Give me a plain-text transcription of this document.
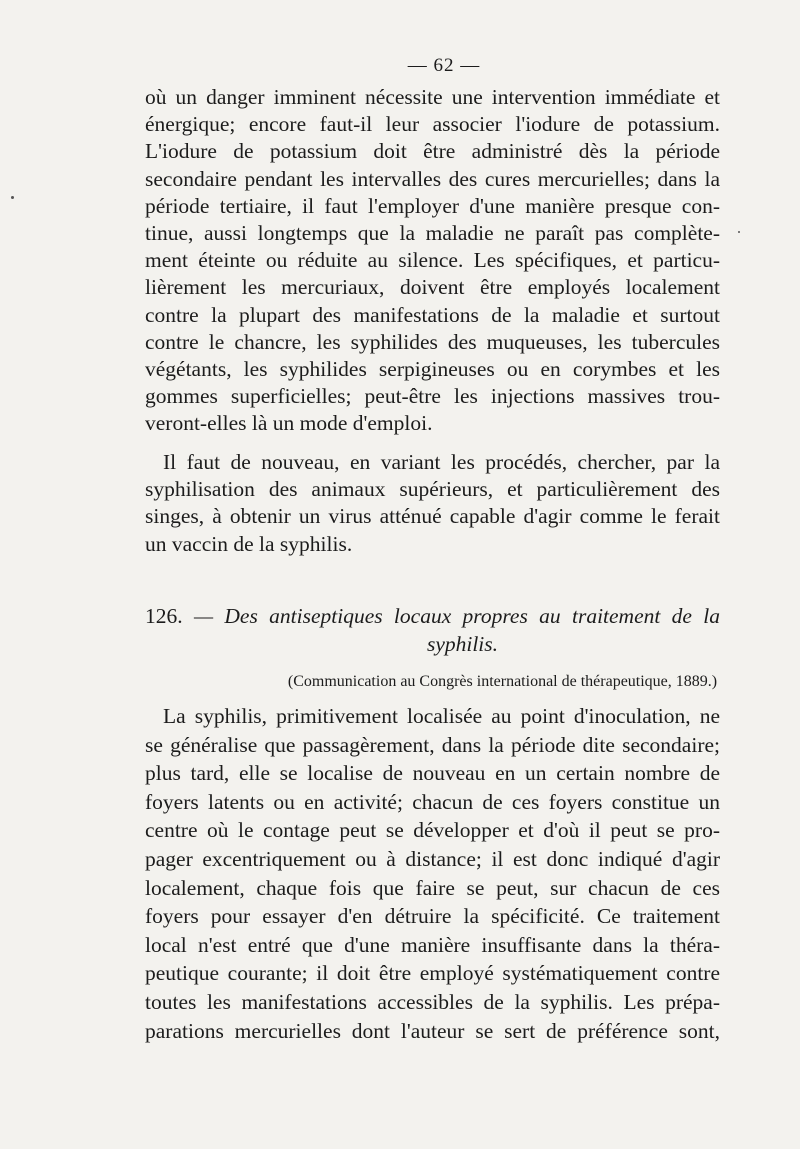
— 62 —
où un danger imminent nécessite une intervention immédiate et
énergique; encore faut-il leur associer l'iodure de potassium.
L'iodure de potassium doit être administré dès la période
secondaire pendant les intervalles des cures mercurielles; dans la
période tertiaire, il faut l'employer d'une manière presque con-
tinue, aussi longtemps que la maladie ne paraît pas complète-
ment éteinte ou réduite au silence. Les spécifiques, et particu-
lièrement les mercuriaux, doivent être employés localement
contre la plupart des manifestations de la maladie et surtout
contre le chancre, les syphilides des muqueuses, les tubercules
végétants, les syphilides serpigineuses ou en corymbes et les
gommes superficielles; peut-être les injections massives trou-
veront-elles là un mode d'emploi.
Il faut de nouveau, en variant les procédés, chercher, par la
syphilisation des animaux supérieurs, et particulièrement des
singes, à obtenir un virus atténué capable d'agir comme le ferait
un vaccin de la syphilis.
126. — Des antiseptiques locaux propres au traitement de la
syphilis.
(Communication au Congrès international de thérapeutique, 1889.)
La syphilis, primitivement localisée au point d'inoculation, ne
se généralise que passagèrement, dans la période dite secondaire;
plus tard, elle se localise de nouveau en un certain nombre de
foyers latents ou en activité; chacun de ces foyers constitue un
centre où le contage peut se développer et d'où il peut se pro-
pager excentriquement ou à distance; il est donc indiqué d'agir
localement, chaque fois que faire se peut, sur chacun de ces
foyers pour essayer d'en détruire la spécificité. Ce traitement
local n'est entré que d'une manière insuffisante dans la théra-
peutique courante; il doit être employé systématiquement contre
toutes les manifestations accessibles de la syphilis. Les prépa-
parations mercurielles dont l'auteur se sert de préférence sont,
